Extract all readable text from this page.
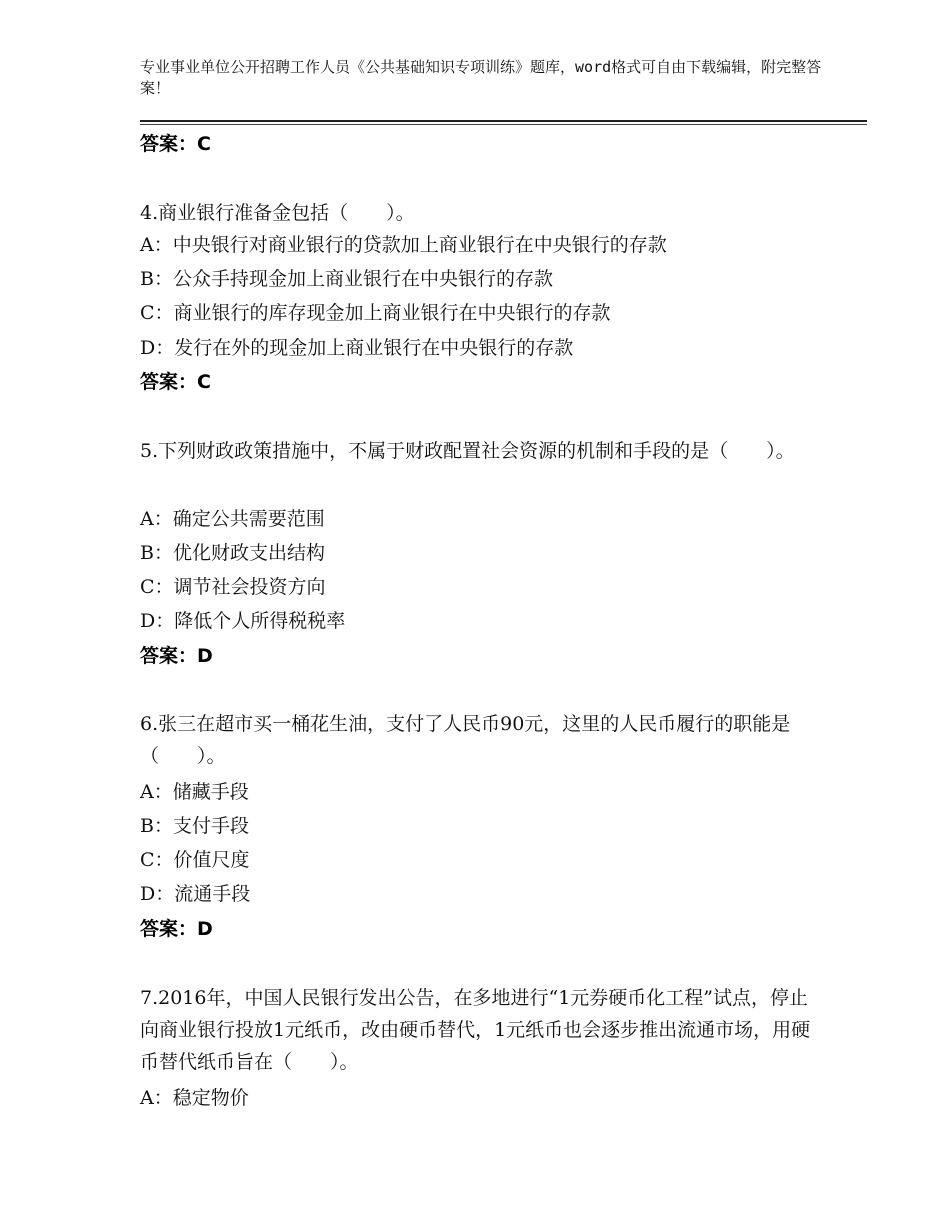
专业事业单位公开招聘工作人员《公共基础知识专项训练》题库，word格式可自由下载编辑，附完整答案！
答案：C
4.商业银行准备金包括（　　）。
A：中央银行对商业银行的贷款加上商业银行在中央银行的存款
B：公众手持现金加上商业银行在中央银行的存款
C：商业银行的库存现金加上商业银行在中央银行的存款
D：发行在外的现金加上商业银行在中央银行的存款
答案：C
5.下列财政政策措施中，不属于财政配置社会资源的机制和手段的是（　　）。
A：确定公共需要范围
B：优化财政支出结构
C：调节社会投资方向
D：降低个人所得税税率
答案：D
6.张三在超市买一桶花生油，支付了人民币90元，这里的人民币履行的职能是（　　）。
A：储藏手段
B：支付手段
C：价值尺度
D：流通手段
答案：D
7.2016年，中国人民银行发出公告，在多地进行“1元券硬币化工程”试点，停止向商业银行投放1元纸币，改由硬币替代，1元纸币也会逐步推出流通市场，用硬币替代纸币旨在（　　）。
A：稳定物价
